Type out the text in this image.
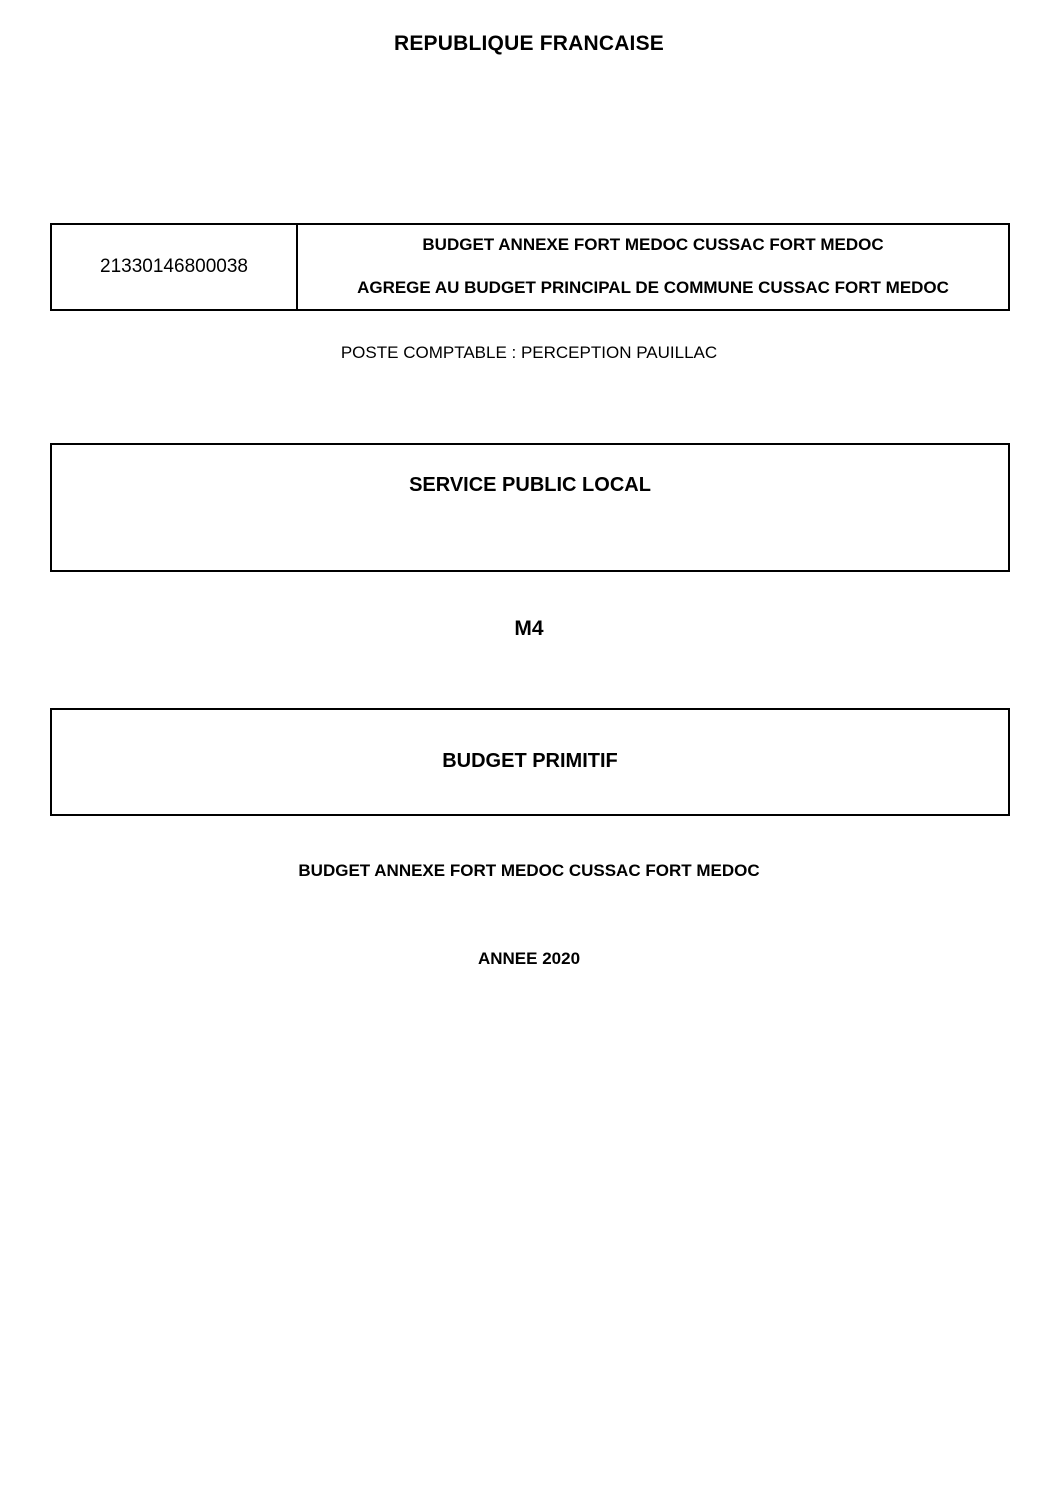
REPUBLIQUE FRANCAISE
21330146800038
BUDGET ANNEXE FORT MEDOC CUSSAC FORT MEDOC
AGREGE AU BUDGET PRINCIPAL DE COMMUNE CUSSAC FORT MEDOC
POSTE COMPTABLE : PERCEPTION PAUILLAC
SERVICE PUBLIC LOCAL
M4
BUDGET PRIMITIF
BUDGET ANNEXE FORT MEDOC CUSSAC FORT MEDOC
ANNEE 2020
